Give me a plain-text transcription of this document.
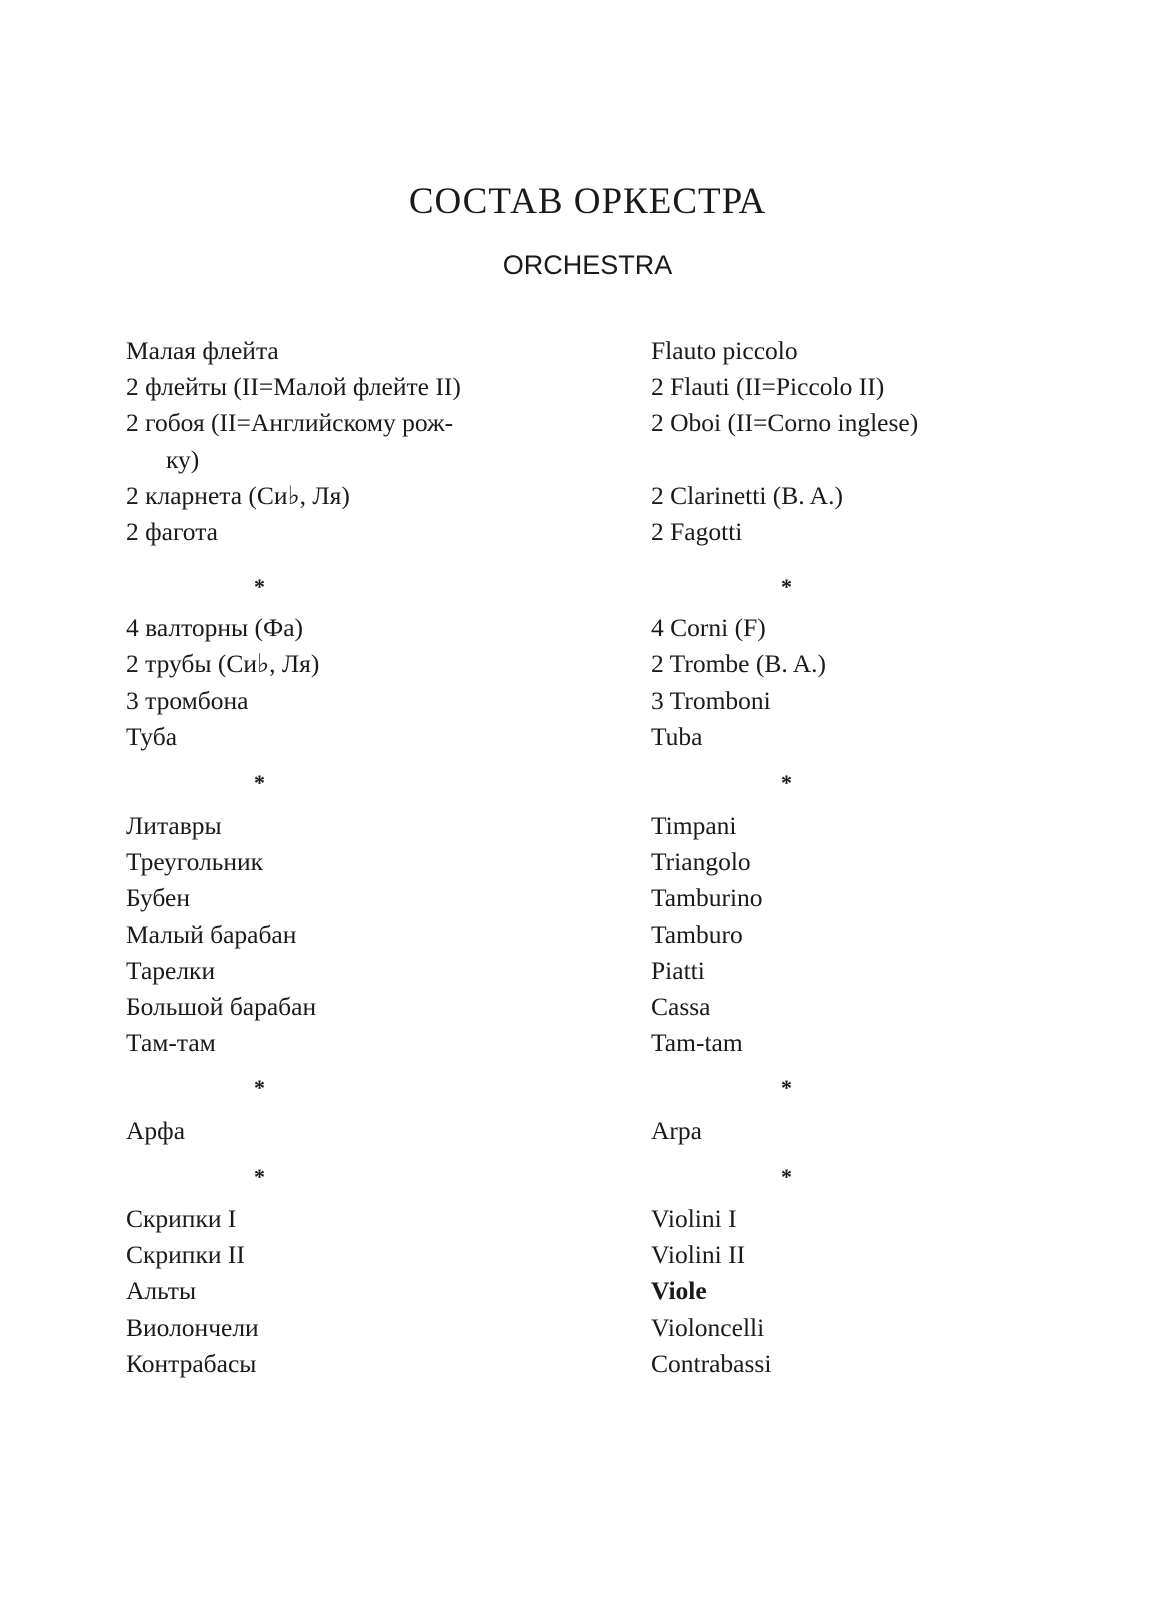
СОСТАВ ОРКЕСТРА
ORCHESTRA
Малая флейта
2 флейты (II=Малой флейте II)
2 гобоя (II=Английскому рож-
ку)
2 кларнета (Си♭, Ля)
2 фагота
*
4 валторны (Фа)
2 трубы (Си♭, Ля)
3 тромбона
Туба
*
Литавры
Треугольник
Бубен
Малый барабан
Тарелки
Большой барабан
Там-там
*
Арфа
*
Скрипки I
Скрипки II
Альты
Виолончели
Контрабасы
Flauto piccolo
2 Flauti (II=Piccolo II)
2 Oboi (II=Corno inglese)
2 Clarinetti (B. A.)
2 Fagotti
*
4 Corni (F)
2 Trombe (B. A.)
3 Tromboni
Tuba
*
Timpani
Triangolo
Tamburino
Tamburo
Piatti
Cassa
Tam-tam
*
Arpa
*
Violini I
Violini II
Viole
Violoncelli
Contrabassi
